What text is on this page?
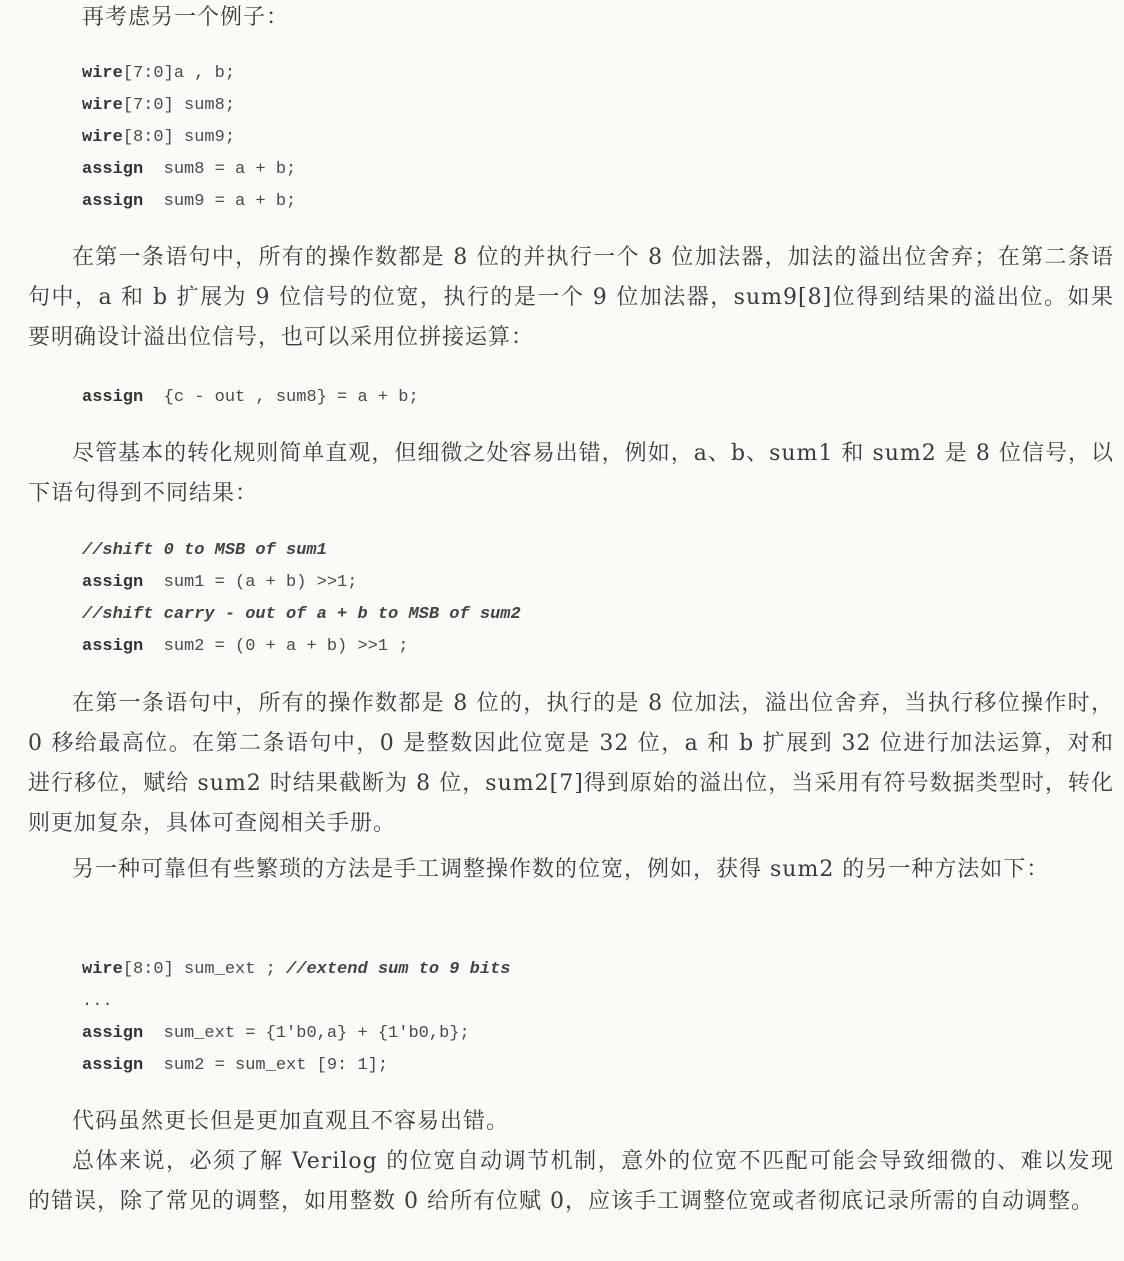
再考虑另一个例子：

wire[7:0]a , b;
wire[7:0] sum8;
wire[8:0] sum9;
assign  sum8 = a + b;
assign  sum9 = a + b;

在第一条语句中，所有的操作数都是 8 位的并执行一个 8 位加法器，加法的溢出位舍弃；在第二条语句中，a 和 b 扩展为 9 位信号的位宽，执行的是一个 9 位加法器，sum9[8]位得到结果的溢出位。如果要明确设计溢出位信号，也可以采用位拼接运算：

assign  {c - out , sum8} = a + b;

尽管基本的转化规则简单直观，但细微之处容易出错，例如，a、b、sum1 和 sum2 是 8 位信号，以下语句得到不同结果：

//shift 0 to MSB of sum1
assign  sum1 = (a + b) >>1;
//shift carry - out of a + b to MSB of sum2
assign  sum2 = (0 + a + b) >>1 ;

在第一条语句中，所有的操作数都是 8 位的，执行的是 8 位加法，溢出位舍弃，当执行移位操作时，0 移给最高位。在第二条语句中，0 是整数因此位宽是 32 位，a 和 b 扩展到 32 位进行加法运算，对和进行移位，赋给 sum2 时结果截断为 8 位，sum2[7]得到原始的溢出位，当采用有符号数据类型时，转化则更加复杂，具体可查阅相关手册。

另一种可靠但有些繁琐的方法是手工调整操作数的位宽，例如，获得 sum2 的另一种方法如下：

wire[8:0] sum_ext ; //extend sum to 9 bits
...
assign  sum_ext = {1'b0,a} + {1'b0,b};
assign  sum2 = sum_ext [9: 1];

代码虽然更长但是更加直观且不容易出错。

总体来说，必须了解 Verilog 的位宽自动调节机制，意外的位宽不匹配可能会导致细微的、难以发现的错误，除了常见的调整，如用整数 0 给所有位赋 0，应该手工调整位宽或者彻底记录所需的自动调整。
